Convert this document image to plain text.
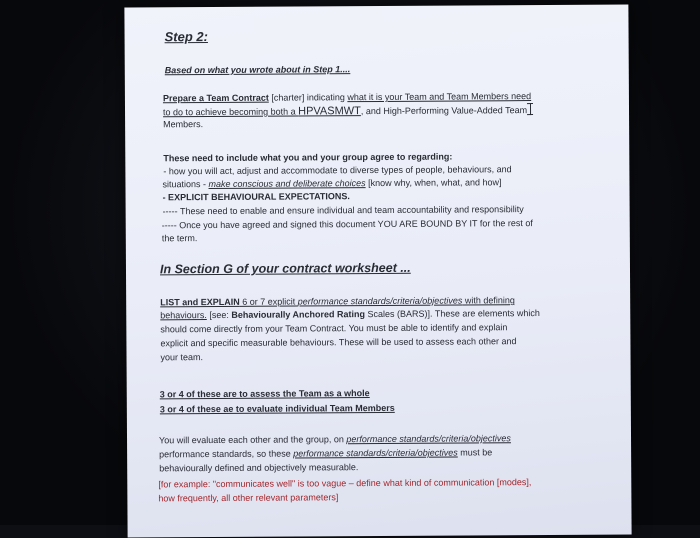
Step 2:
Based on what you wrote about in Step 1....
Prepare a Team Contract [charter] indicating what it is your Team and Team Members need
to do to achieve becoming both a HPVASMWT, and High-Performing Value-Added Team
Members.
These need to include what you and your group agree to regarding:
- how you will act, adjust and accommodate to diverse types of people, behaviours, and
situations - make conscious and deliberate choices [know why, when, what, and how]
- EXPLICIT BEHAVIOURAL EXPECTATIONS.
----- These need to enable and ensure individual and team accountability and responsibility
----- Once you have agreed and signed this document YOU ARE BOUND BY IT for the rest of
the term.
In Section G of your contract worksheet ...
LIST and EXPLAIN 6 or 7 explicit performance standards/criteria/objectives with defining
behaviours. [see: Behaviourally Anchored Rating Scales (BARS)]. These are elements which
should come directly from your Team Contract. You must be able to identify and explain
explicit and specific measurable behaviours. These will be used to assess each other and
your team.
3 or 4 of these are to assess the Team as a whole
3 or 4 of these ae to evaluate individual Team Members
You will evaluate each other and the group, on performance standards/criteria/objectives
performance standards, so these performance standards/criteria/objectives must be
behaviourally defined and objectively measurable.
[for example: "communicates well" is too vague – define what kind of communication [modes],
how frequently, all other relevant parameters]
